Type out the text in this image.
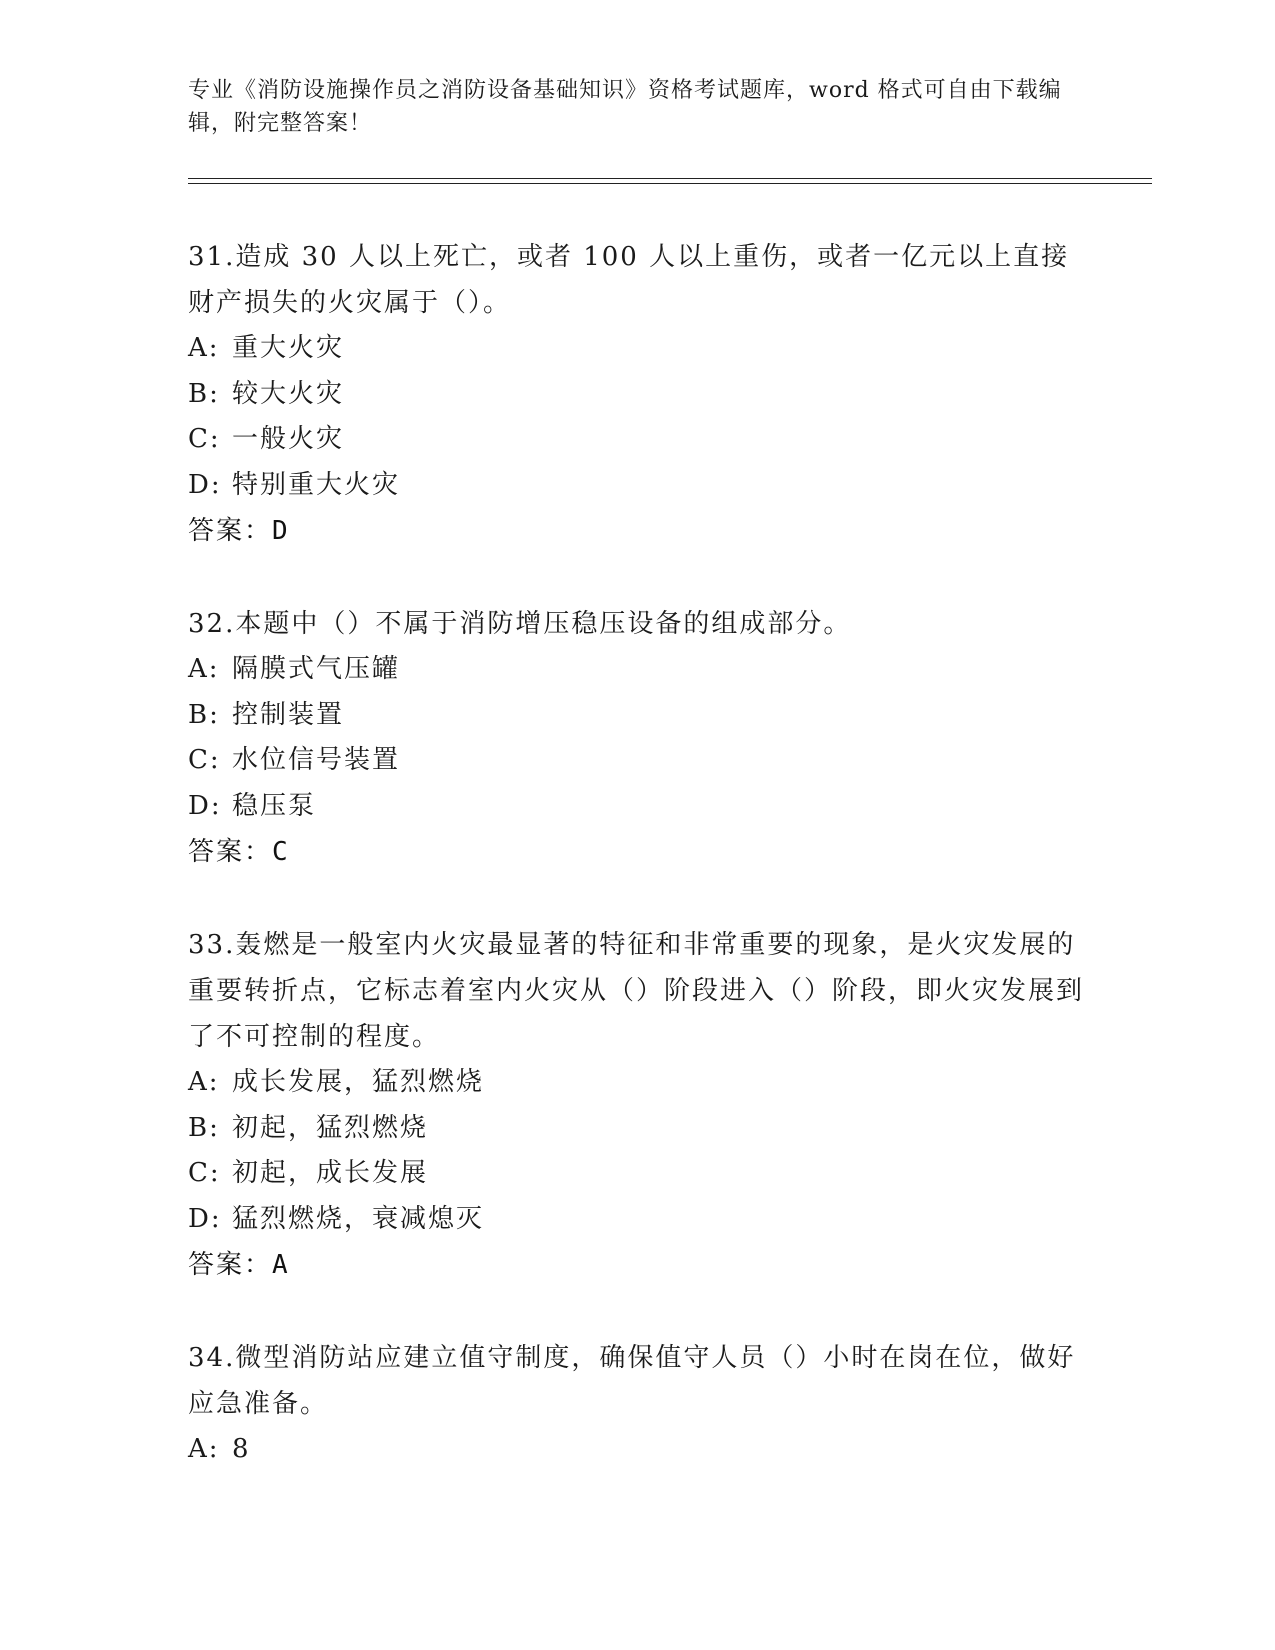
专业《消防设施操作员之消防设备基础知识》资格考试题库，word 格式可自由下载编辑，附完整答案！

31.造成 30 人以上死亡，或者 100 人以上重伤，或者一亿元以上直接财产损失的火灾属于（）。

A: 重大火灾

B: 较大火灾

C: 一般火灾

D: 特别重大火灾

答案：D

32.本题中（）不属于消防增压稳压设备的组成部分。

A: 隔膜式气压罐

B: 控制装置

C: 水位信号装置

D: 稳压泵

答案：C

33.轰燃是一般室内火灾最显著的特征和非常重要的现象，是火灾发展的重要转折点，它标志着室内火灾从（）阶段进入（）阶段，即火灾发展到了不可控制的程度。

A: 成长发展，猛烈燃烧

B: 初起，猛烈燃烧

C: 初起，成长发展

D: 猛烈燃烧，衰减熄灭

答案：A

34.微型消防站应建立值守制度，确保值守人员（）小时在岗在位，做好应急准备。

A: 8
